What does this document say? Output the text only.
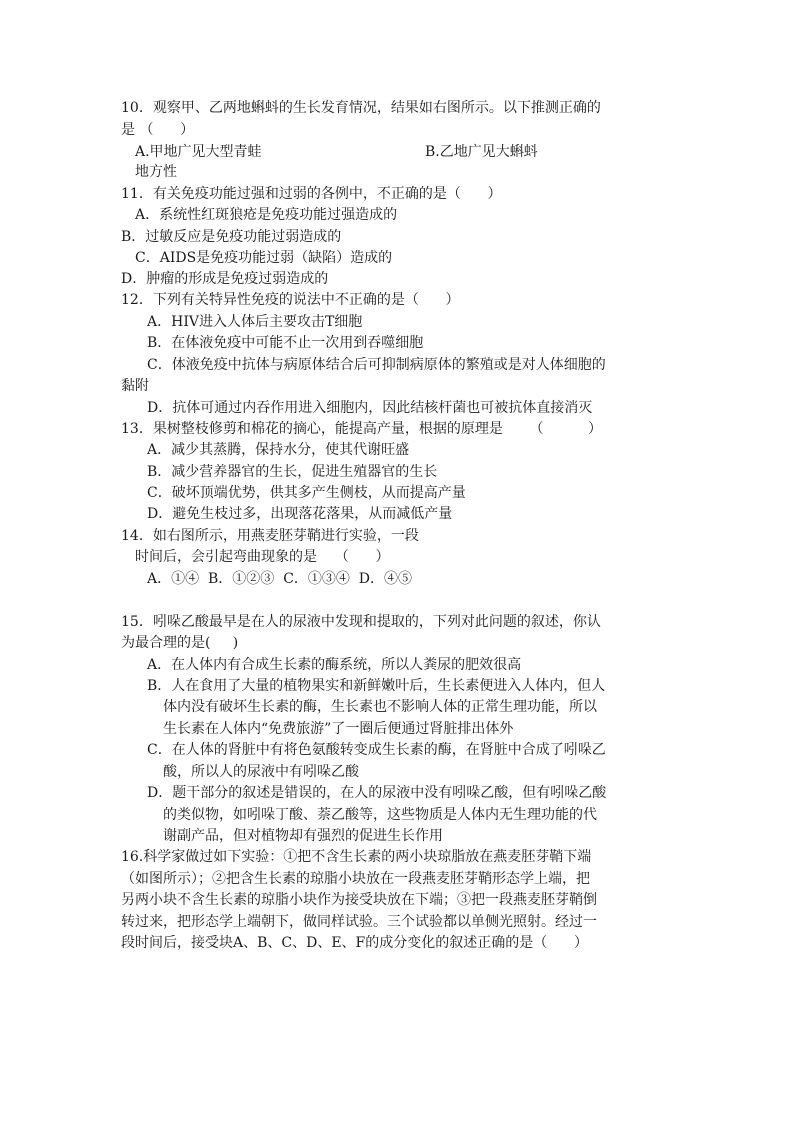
10．观察甲、乙两地蝌蚪的生长发育情况，结果如右图所示。以下推测正确的
是 （      ）
A.甲地广见大型青蛙	B.乙地广见大蝌蚪
地方性
11．有关免疫功能过强和过弱的各例中，不正确的是（      ）
A．系统性红斑狼疮是免疫功能过强造成的
B．过敏反应是免疫功能过弱造成的
C．AIDS是免疫功能过弱（缺陷）造成的
D．肿瘤的形成是免疫过弱造成的
12．下列有关特异性免疫的说法中不正确的是（      ）
A．HIV进入人体后主要攻击T细胞
B．在体液免疫中可能不止一次用到吞噬细胞
C．体液免疫中抗体与病原体结合后可抑制病原体的繁殖或是对人体细胞的
黏附
D．抗体可通过内吞作用进入细胞内，因此结核杆菌也可被抗体直接消灭
13．果树整枝修剪和棉花的摘心，能提高产量，根据的原理是      （          ）
A．减少其蒸腾，保持水分，使其代谢旺盛
B．减少营养器官的生长，促进生殖器官的生长
C．破坏顶端优势，供其多产生侧枝，从而提高产量
D．避免生枝过多，出现落花落果，从而减低产量
14．如右图所示，用燕麦胚芽鞘进行实验，一段
时间后，会引起弯曲现象的是    （      ）
A．①④  B．①②③  C．①③④  D．④⑤
15．吲哚乙酸最早是在人的尿液中发现和提取的，下列对此问题的叙述，你认
为最合理的是(     )
A．在人体内有合成生长素的酶系统，所以人粪尿的肥效很高
B．人在食用了大量的植物果实和新鲜嫩叶后，生长素便进入人体内，但人
体内没有破坏生长素的酶，生长素也不影响人体的正常生理功能，所以
生长素在人体内“免费旅游”了一圈后便通过肾脏排出体外
C．在人体的肾脏中有将色氨酸转变成生长素的酶，在肾脏中合成了吲哚乙
酸，所以人的尿液中有吲哚乙酸
D．题干部分的叙述是错误的，在人的尿液中没有吲哚乙酸，但有吲哚乙酸
的类似物，如吲哚丁酸、萘乙酸等，这些物质是人体内无生理功能的代
谢副产品，但对植物却有强烈的促进生长作用
16.科学家做过如下实验：①把不含生长素的两小块琼脂放在燕麦胚芽鞘下端
（如图所示）；②把含生长素的琼脂小块放在一段燕麦胚芽鞘形态学上端，把
另两小块不含生长素的琼脂小块作为接受块放在下端；③把一段燕麦胚芽鞘倒
转过来，把形态学上端朝下，做同样试验。三个试验都以单侧光照射。经过一
段时间后，接受块A、B、C、D、E、F的成分变化的叙述正确的是（      ）
